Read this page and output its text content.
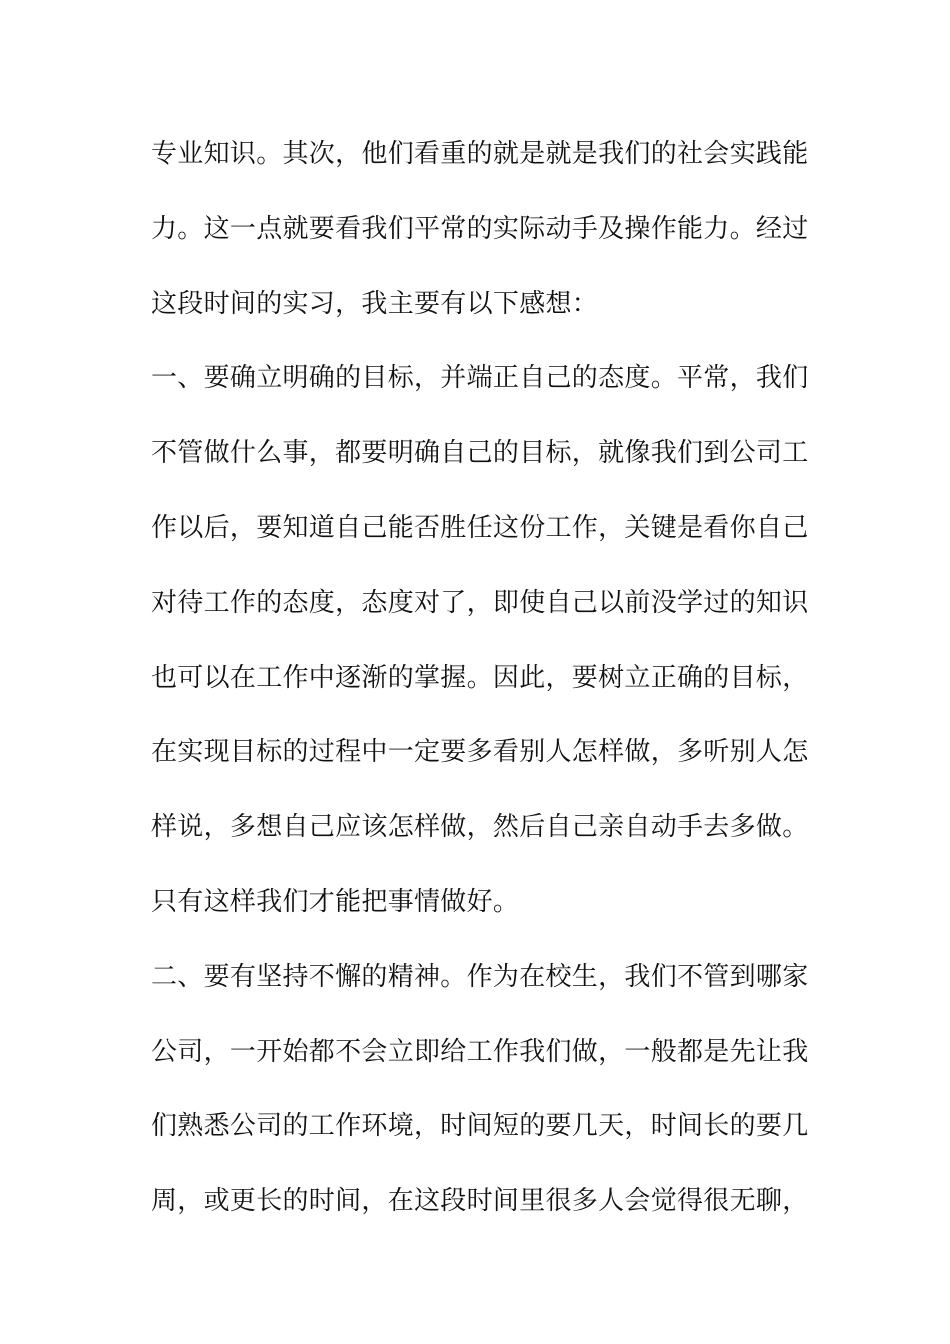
专业知识。其次，他们看重的就是就是我们的社会实践能
力。这一点就要看我们平常的实际动手及操作能力。经过
这段时间的实习，我主要有以下感想：
一、要确立明确的目标，并端正自己的态度。平常，我们
不管做什么事，都要明确自己的目标，就像我们到公司工
作以后，要知道自己能否胜任这份工作，关键是看你自己
对待工作的态度，态度对了，即使自己以前没学过的知识
也可以在工作中逐渐的掌握。因此，要树立正确的目标，
在实现目标的过程中一定要多看别人怎样做，多听别人怎
样说，多想自己应该怎样做，然后自己亲自动手去多做。
只有这样我们才能把事情做好。
二、要有坚持不懈的精神。作为在校生，我们不管到哪家
公司，一开始都不会立即给工作我们做，一般都是先让我
们熟悉公司的工作环境，时间短的要几天，时间长的要几
周，或更长的时间，在这段时间里很多人会觉得很无聊，
